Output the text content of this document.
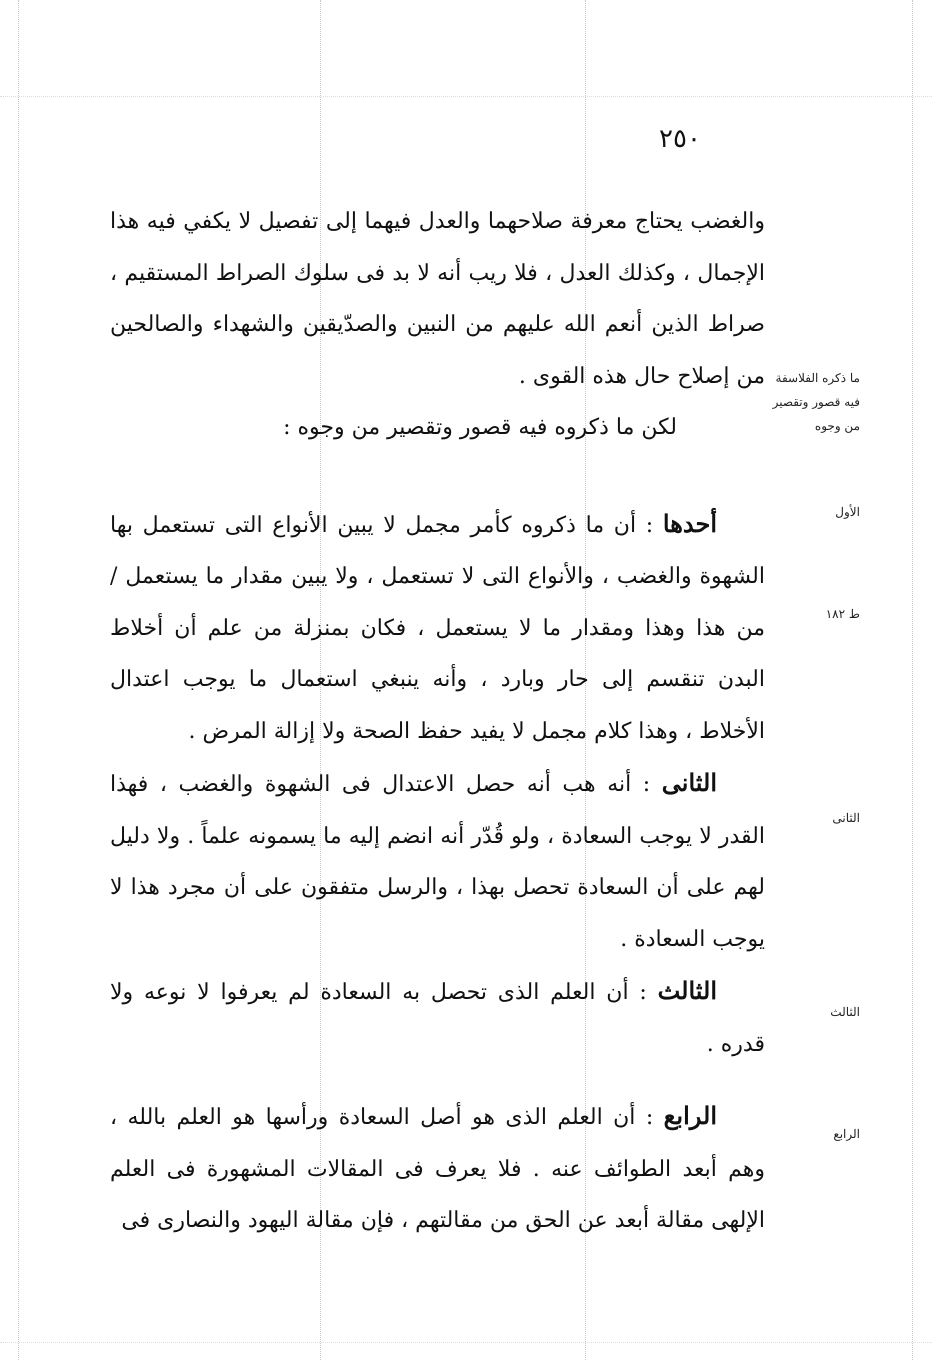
٢٥٠

والغضب يحتاج معرفة صلاحهما والعدل فيهما إلى تفصيل لا يكفي فيه هذا الإجمال ، وكذلك العدل ، فلا ريب أنه لا بد فى سلوك الصراط المستقيم ، صراط الذين أنعم الله عليهم من النبين والصدّيقين والشهداء والصالحين من إصلاح حال هذه القوى .

لكن ما ذكروه فيه قصور وتقصير من وجوه :

أحدها : أن ما ذكروه كأمر مجمل لا يبين الأنواع التى تستعمل بها الشهوة والغضب ، والأنواع التى لا تستعمل ، ولا يبين مقدار ما يستعمل / من هذا وهذا ومقدار ما لا يستعمل ، فكان بمنزلة من علم أن أخلاط البدن تنقسم إلى حار وبارد ، وأنه ينبغي استعمال ما يوجب اعتدال الأخلاط ، وهذا كلام مجمل لا يفيد حفظ الصحة ولا إزالة المرض .

الثانى : أنه هب أنه حصل الاعتدال فى الشهوة والغضب ، فهذا القدر لا يوجب السعادة ، ولو قُدّر أنه انضم إليه ما يسمونه علماً . ولا دليل لهم على أن السعادة تحصل بهذا ، والرسل متفقون على أن مجرد هذا لا يوجب السعادة .

الثالث : أن العلم الذى تحصل به السعادة لم يعرفوا لا نوعه ولا قدره .

الرابع : أن العلم الذى هو أصل السعادة ورأسها هو العلم بالله ، وهم أبعد الطوائف عنه . فلا يعرف فى المقالات المشهورة فى العلم الإلهى مقالة أبعد عن الحق من مقالتهم ، فإن مقالة اليهود والنصارى فى

ما ذكره الفلاسفة فيه قصور وتقصير من وجوه
الأول
ط ١٨٢
الثانى
الثالث
الرابع
